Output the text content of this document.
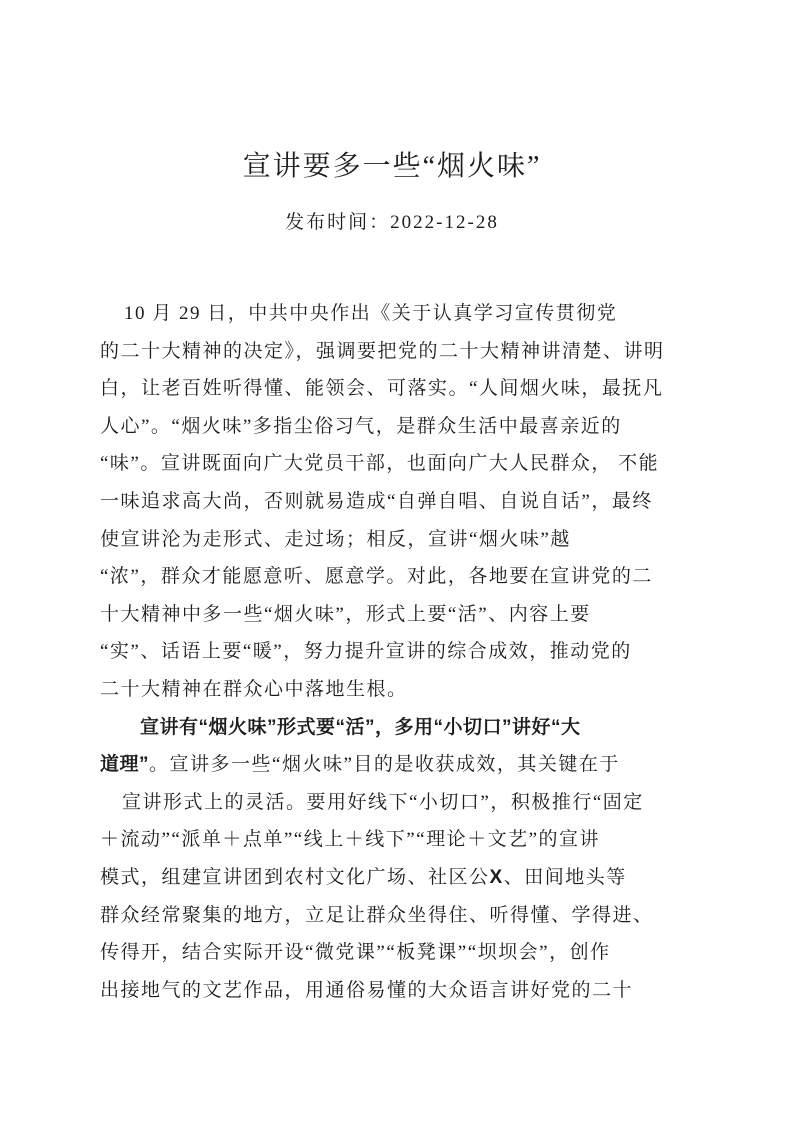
宣讲要多一些“烟火味”
发布时间：2022-12-28
10 月 29 日，中共中央作出《关于认真学习宣传贯彻党
的二十大精神的决定》，强调要把党的二十大精神讲清楚、讲明
白，让老百姓听得懂、能领会、可落实。“人间烟火味，最抚凡
人心”。“烟火味”多指尘俗习气，是群众生活中最喜亲近的
“味”。宣讲既面向广大党员干部，也面向广大人民群众， 不能
一味追求高大尚，否则就易造成“自弹自唱、自说自话”，最终
使宣讲沦为走形式、走过场；相反，宣讲“烟火味”越
“浓”，群众才能愿意听、愿意学。对此，各地要在宣讲党的二
十大精神中多一些“烟火味”，形式上要“活”、内容上要
“实”、话语上要“暖”，努力提升宣讲的综合成效，推动党的
二十大精神在群众心中落地生根。
宣讲有“烟火味”形式要“活”，多用“小切口”讲好“大
道理”。宣讲多一些“烟火味”目的是收获成效，其关键在于
宣讲形式上的灵活。要用好线下“小切口”，积极推行“固定
＋流动”“派单＋点单”“线上＋线下”“理论＋文艺”的宣讲
模式，组建宣讲团到农村文化广场、社区公X、田间地头等
群众经常聚集的地方，立足让群众坐得住、听得懂、学得进、
传得开，结合实际开设“微党课”“板凳课”“坝坝会”，创作
出接地气的文艺作品，用通俗易懂的大众语言讲好党的二十
